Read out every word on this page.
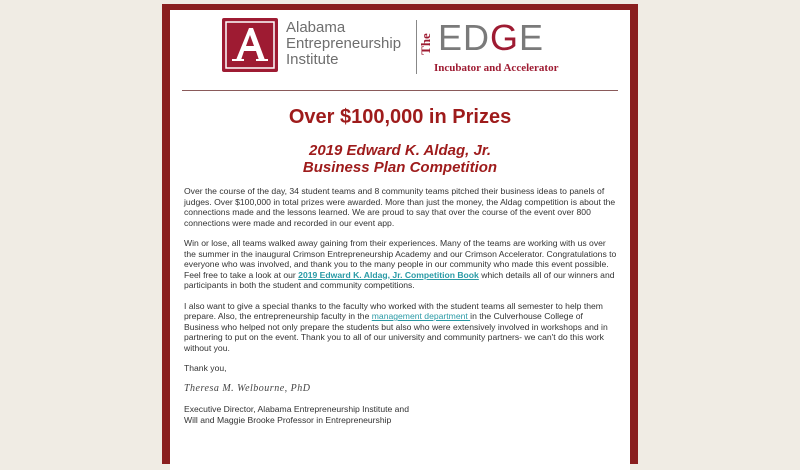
Alabama
Entrepreneurship
Institute
The EDGE
Incubator and Accelerator
Over $100,000 in Prizes
2019 Edward K. Aldag, Jr.
Business Plan Competition

Over the course of the day, 34 student teams and 8 community teams pitched their business ideas to panels of judges. Over $100,000 in total prizes were awarded. More than just the money, the Aldag competition is about the connections made and the lessons learned. We are proud to say that over the course of the event over 800 connections were made and recorded in our event app.

Win or lose, all teams walked away gaining from their experiences. Many of the teams are working with us over the summer in the inaugural Crimson Entrepreneurship Academy and our Crimson Accelerator. Congratulations to everyone who was involved, and thank you to the many people in our community who made this event possible. Feel free to take a look at our 2019 Edward K. Aldag, Jr. Competition Book which details all of our winners and participants in both the student and community competitions.

I also want to give a special thanks to the faculty who worked with the student teams all semester to help them prepare. Also, the entrepreneurship faculty in the management department in the Culverhouse College of Business who helped not only prepare the students but also who were extensively involved in workshops and in partnering to put on the event. Thank you to all of our university and community partners- we can't do this work without you.

Thank you,

Theresa M. Welbourne, PhD

Executive Director, Alabama Entrepreneurship Institute and
Will and Maggie Brooke Professor in Entrepreneurship
